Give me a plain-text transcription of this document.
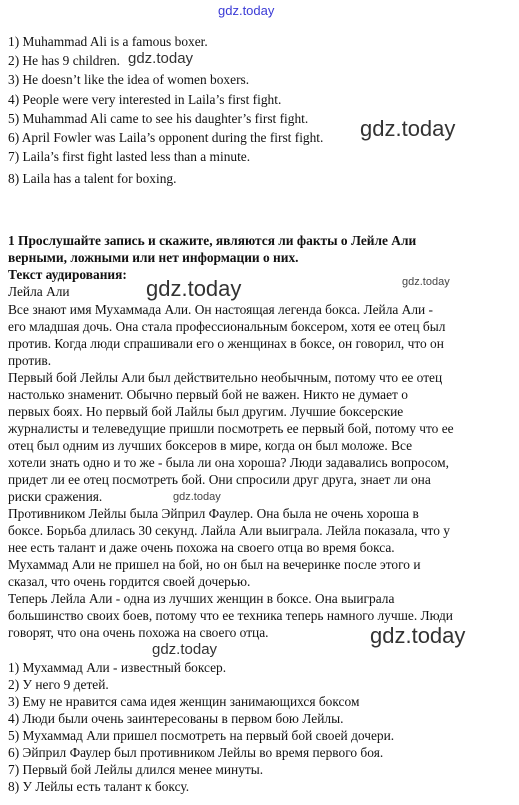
gdz.today
gdz.today
gdz.today
gdz.today
gdz.today
gdz.today
gdz.today
gdz.today
1) Muhammad Ali is a famous boxer.
2) He has 9 children.
3) He doesn’t like the idea of women boxers.
4) People were very interested in Laila’s first fight.
5) Muhammad Ali came to see his daughter’s first fight.
6) April Fowler was Laila’s opponent during the first fight.
7) Laila’s first fight lasted less than a minute.
8) Laila has a talent for boxing.
1 Прослушайте запись и скажите, являются ли факты о Лейле Али
верными, ложными или нет информации о них.
Текст аудирования:
Лейла Али
Все знают имя Мухаммада Али. Он настоящая легенда бокса. Лейла Али -
его младшая дочь. Она стала профессиональным боксером, хотя ее отец был
против. Когда люди спрашивали его о женщинах в боксе, он говорил, что он
против.
Первый бой Лейлы Али был действительно необычным, потому что ее отец
настолько знаменит. Обычно первый бой не важен. Никто не думает о
первых боях. Но первый бой Лайлы был другим. Лучшие боксерские
журналисты и телеведущие пришли посмотреть ее первый бой, потому что ее
отец был одним из лучших боксеров в мире, когда он был моложе. Все
хотели знать одно и то же - была ли она хороша? Люди задавались вопросом,
придет ли ее отец посмотреть бой. Они спросили друг друга, знает ли она
риски сражения.
Противником Лейлы была Эйприл Фаулер. Она была не очень хороша в
боксе. Борьба длилась 30 секунд. Лайла Али выиграла. Лейла показала, что у
нее есть талант и даже очень похожа на своего отца во время бокса.
Мухаммад Али не пришел на бой, но он был на вечеринке после этого и
сказал, что очень гордится своей дочерью.
Теперь Лейла Али - одна из лучших женщин в боксе. Она выиграла
большинство своих боев, потому что ее техника теперь намного лучше. Люди
говорят, что она очень похожа на своего отца.
1) Мухаммад Али - известный боксер.
2) У него 9 детей.
3) Ему не нравится сама идея женщин занимающихся боксом
4) Люди были очень заинтересованы в первом бою Лейлы.
5) Мухаммад Али пришел посмотреть на первый бой своей дочери.
6) Эйприл Фаулер был противником Лейлы во время первого боя.
7) Первый бой Лейлы длился менее минуты.
8) У Лейлы есть талант к боксу.
